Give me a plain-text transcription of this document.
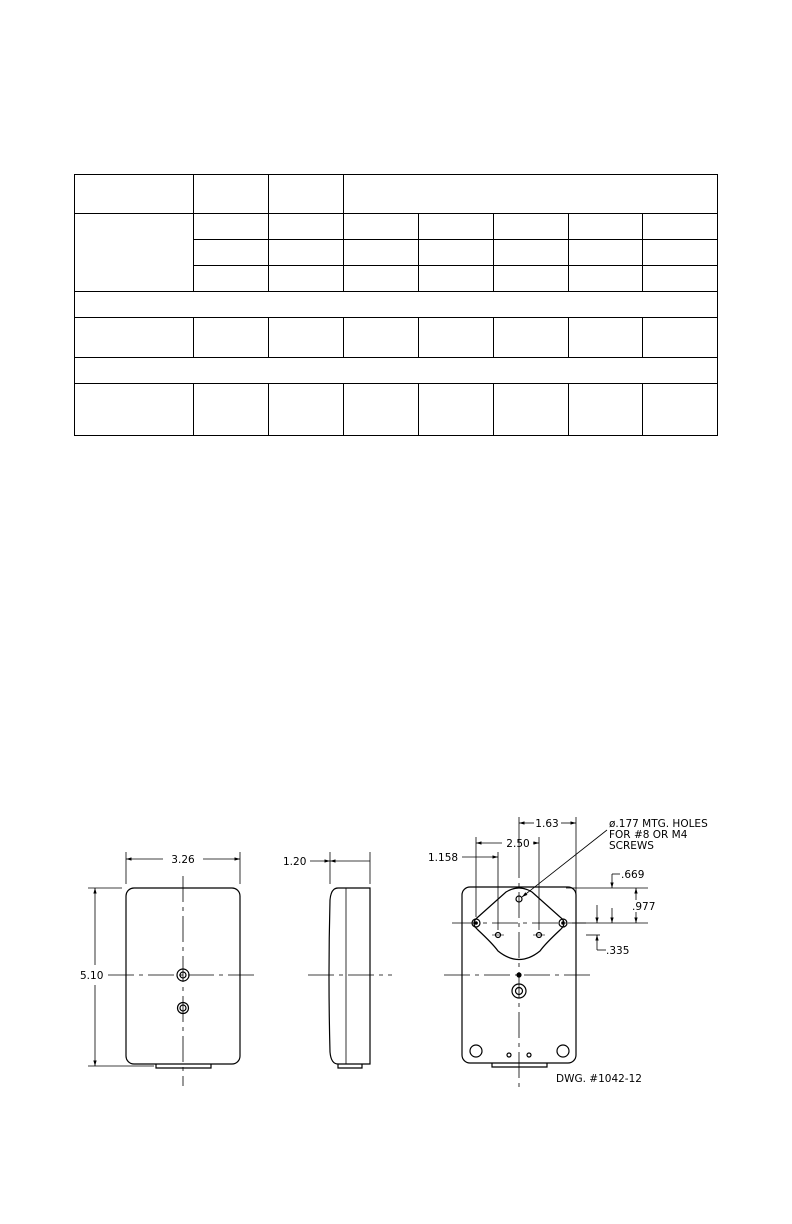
3.26
5.10
1.20
1.63
2.50
1.158
.669
.977
.335
ø.177 MTG. HOLES
FOR #8 OR M4
SCREWS
DWG. #1042-12
